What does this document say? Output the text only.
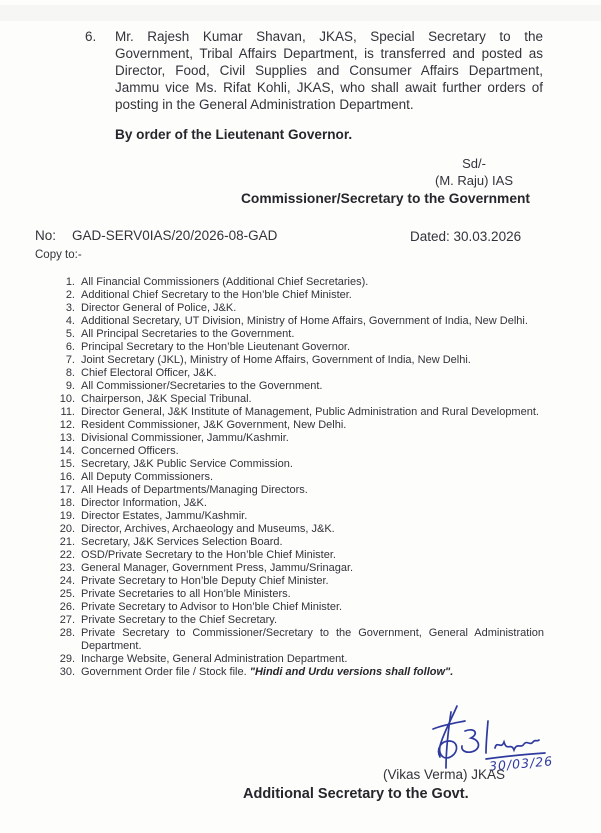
6.	Mr. Rajesh Kumar Shavan, JKAS, Special Secretary to the Government, Tribal Affairs Department, is transferred and posted as Director, Food, Civil Supplies and Consumer Affairs Department, Jammu vice Ms. Rifat Kohli, JKAS, who shall await further orders of posting in the General Administration Department.
By order of the Lieutenant Governor.
Sd/-
(M. Raju) IAS
Commissioner/Secretary to the Government
No: GAD-SERV0IAS/20/2026-08-GAD	Dated: 30.03.2026
Copy to:-
1. All Financial Commissioners (Additional Chief Secretaries).
2. Additional Chief Secretary to the Hon’ble Chief Minister.
3. Director General of Police, J&K.
4. Additional Secretary, UT Division, Ministry of Home Affairs, Government of India, New Delhi.
5. All Principal Secretaries to the Government.
6. Principal Secretary to the Hon’ble Lieutenant Governor.
7. Joint Secretary (JKL), Ministry of Home Affairs, Government of India, New Delhi.
8. Chief Electoral Officer, J&K.
9. All Commissioner/Secretaries to the Government.
10. Chairperson, J&K Special Tribunal.
11. Director General, J&K Institute of Management, Public Administration and Rural Development.
12. Resident Commissioner, J&K Government, New Delhi.
13. Divisional Commissioner, Jammu/Kashmir.
14. Concerned Officers.
15. Secretary, J&K Public Service Commission.
16. All Deputy Commissioners.
17. All Heads of Departments/Managing Directors.
18. Director Information, J&K.
19. Director Estates, Jammu/Kashmir.
20. Director, Archives, Archaeology and Museums, J&K.
21. Secretary, J&K Services Selection Board.
22. OSD/Private Secretary to the Hon’ble Chief Minister.
23. General Manager, Government Press, Jammu/Srinagar.
24. Private Secretary to Hon’ble Deputy Chief Minister.
25. Private Secretaries to all Hon’ble Ministers.
26. Private Secretary to Advisor to Hon’ble Chief Minister.
27. Private Secretary to the Chief Secretary.
28. Private Secretary to Commissioner/Secretary to the Government, General Administration Department.
29. Incharge Website, General Administration Department.
30. Government Order file / Stock file. "Hindi and Urdu versions shall follow".
30/03/26
(Vikas Verma) JKAS
Additional Secretary to the Govt.
